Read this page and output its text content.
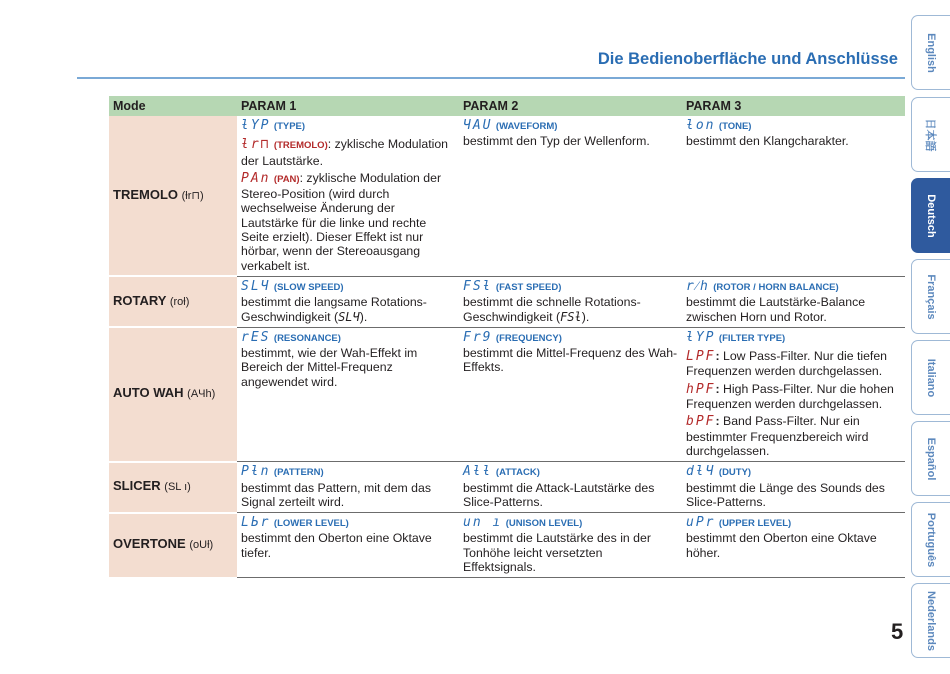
Die Bedienoberfläche und Anschlüsse English
日本語
Deutsch
Français
Italiano
Español
Português
Nederlands
5
Mode	PARAM 1	PARAM 2	PARAM 3
TREMOLO (ƚr⊓)	ƚYP (TYPE)
ƚr⊓ (TREMOLO): zyklische Modulation der Lautstärke.
PAn (PAN): zyklische Modulation der Stereo-Position (wird durch wechselweise Änderung der Lautstärke für die linke und rechte Seite erzielt). Dieser Effekt ist nur hörbar, wenn der Stereoausgang verkabelt ist.	ЧAU (WAVEFORM)
bestimmt den Typ der Wellenform.	ƚon (TONE)
bestimmt den Klangcharakter.

ROTARY (roƚ)	SLЧ (SLOW SPEED)
bestimmt die langsame Rotations-Geschwindigkeit (SLЧ).	FSƚ (FAST SPEED)
bestimmt die schnelle Rotations-Geschwindigkeit (FSƚ).	r⁄h (ROTOR / HORN BALANCE)
bestimmt die Lautstärke-Balance zwischen Horn und Rotor.

AUTO WAH (AЧh)	rES (RESONANCE)
bestimmt, wie der Wah-Effekt im Bereich der Mittel-Frequenz angewendet wird.	Fr9 (FREQUENCY)
bestimmt die Mittel-Frequenz des Wah-Effekts.	ƚYP (FILTER TYPE)
LPF: Low Pass-Filter. Nur die tiefen Frequenzen werden durchgelassen.
hPF: High Pass-Filter. Nur die hohen Frequenzen werden durchgelassen.
bPF: Band Pass-Filter. Nur ein bestimmter Frequenzbereich wird durchgelassen.

SLICER (SL ı)	Pƚn (PATTERN)
bestimmt das Pattern, mit dem das Signal zerteilt wird.	Aƚƚ (ATTACK)
bestimmt die Attack-Lautstärke des Slice-Patterns.	dƚЧ (DUTY)
bestimmt die Länge des Sounds des Slice-Patterns.

OVERTONE (oUƚ)	LЬr (LOWER LEVEL)
bestimmt den Oberton eine Oktave tiefer.	un ı (UNISON LEVEL)
bestimmt die Lautstärke des in der Tonhöhe leicht versetzten Effektsignals.	uPr (UPPER LEVEL)
bestimmt den Oberton eine Oktave höher.
